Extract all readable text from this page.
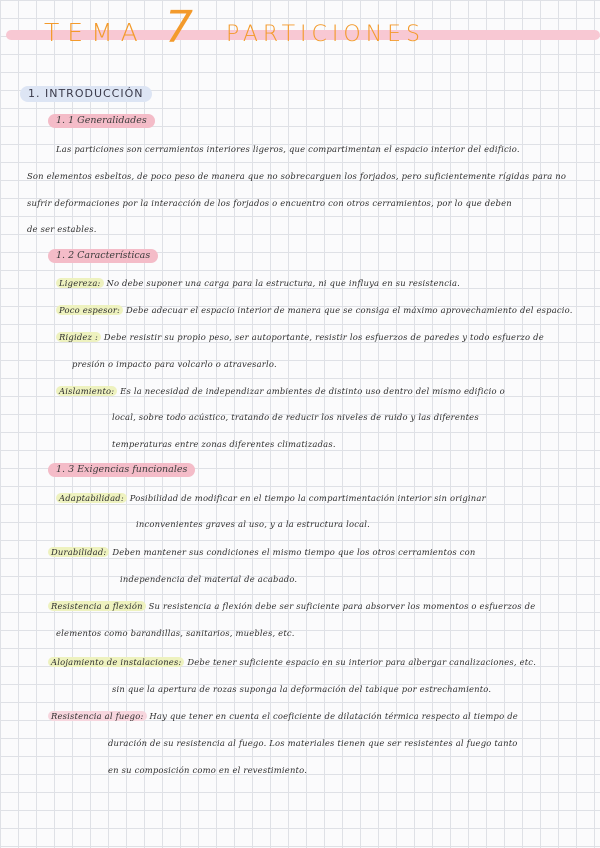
TEMA 7 PARTICIONES
1. INTRODUCCIÓN
1. 1 Generalidades
Las particiones son cerramientos interiores ligeros, que compartimentan el espacio interior del edificio.
Son elementos esbeltos, de poco peso de manera que no sobrecarguen los forjados, pero suficientemente rígidas para no
sufrir deformaciones por la interacción de los forjados o encuentro con otros cerramientos, por lo que deben
de ser estables.
1. 2 Características
Ligereza: No debe suponer una carga para la estructura, ni que influya en su resistencia.
Poco espesor: Debe adecuar el espacio interior de manera que se consiga el máximo aprovechamiento del espacio.
Rigidez : Debe resistir su propio peso, ser autoportante, resistir los esfuerzos de paredes y todo esfuerzo de
presión o impacto para volcarlo o atravesarlo.
Aislamiento: Es la necesidad de independizar ambientes de distinto uso dentro del mismo edificio o
local, sobre todo acústico, tratando de reducir los niveles de ruido y las diferentes
temperaturas entre zonas diferentes climatizadas.
1. 3 Exigencias funcionales
Adaptabilidad: Posibilidad de modificar en el tiempo la compartimentación interior sin originar
inconvenientes graves al uso, y a la estructura local.
Durabilidad: Deben mantener sus condiciones el mismo tiempo que los otros cerramientos con
independencia del material de acabado.
Resistencia a flexión Su resistencia a flexión debe ser suficiente para absorver los momentos o esfuerzos de
elementos como barandillas, sanitarios, muebles, etc.
Alojamiento de instalaciones: Debe tener suficiente espacio en su interior para albergar canalizaciones, etc.
sin que la apertura de rozas suponga la deformación del tabique por estrechamiento.
Resistencia al fuego: Hay que tener en cuenta el coeficiente de dilatación térmica respecto al tiempo de
duración de su resistencia al fuego. Los materiales tienen que ser resistentes al fuego tanto
en su composición como en el revestimiento.
